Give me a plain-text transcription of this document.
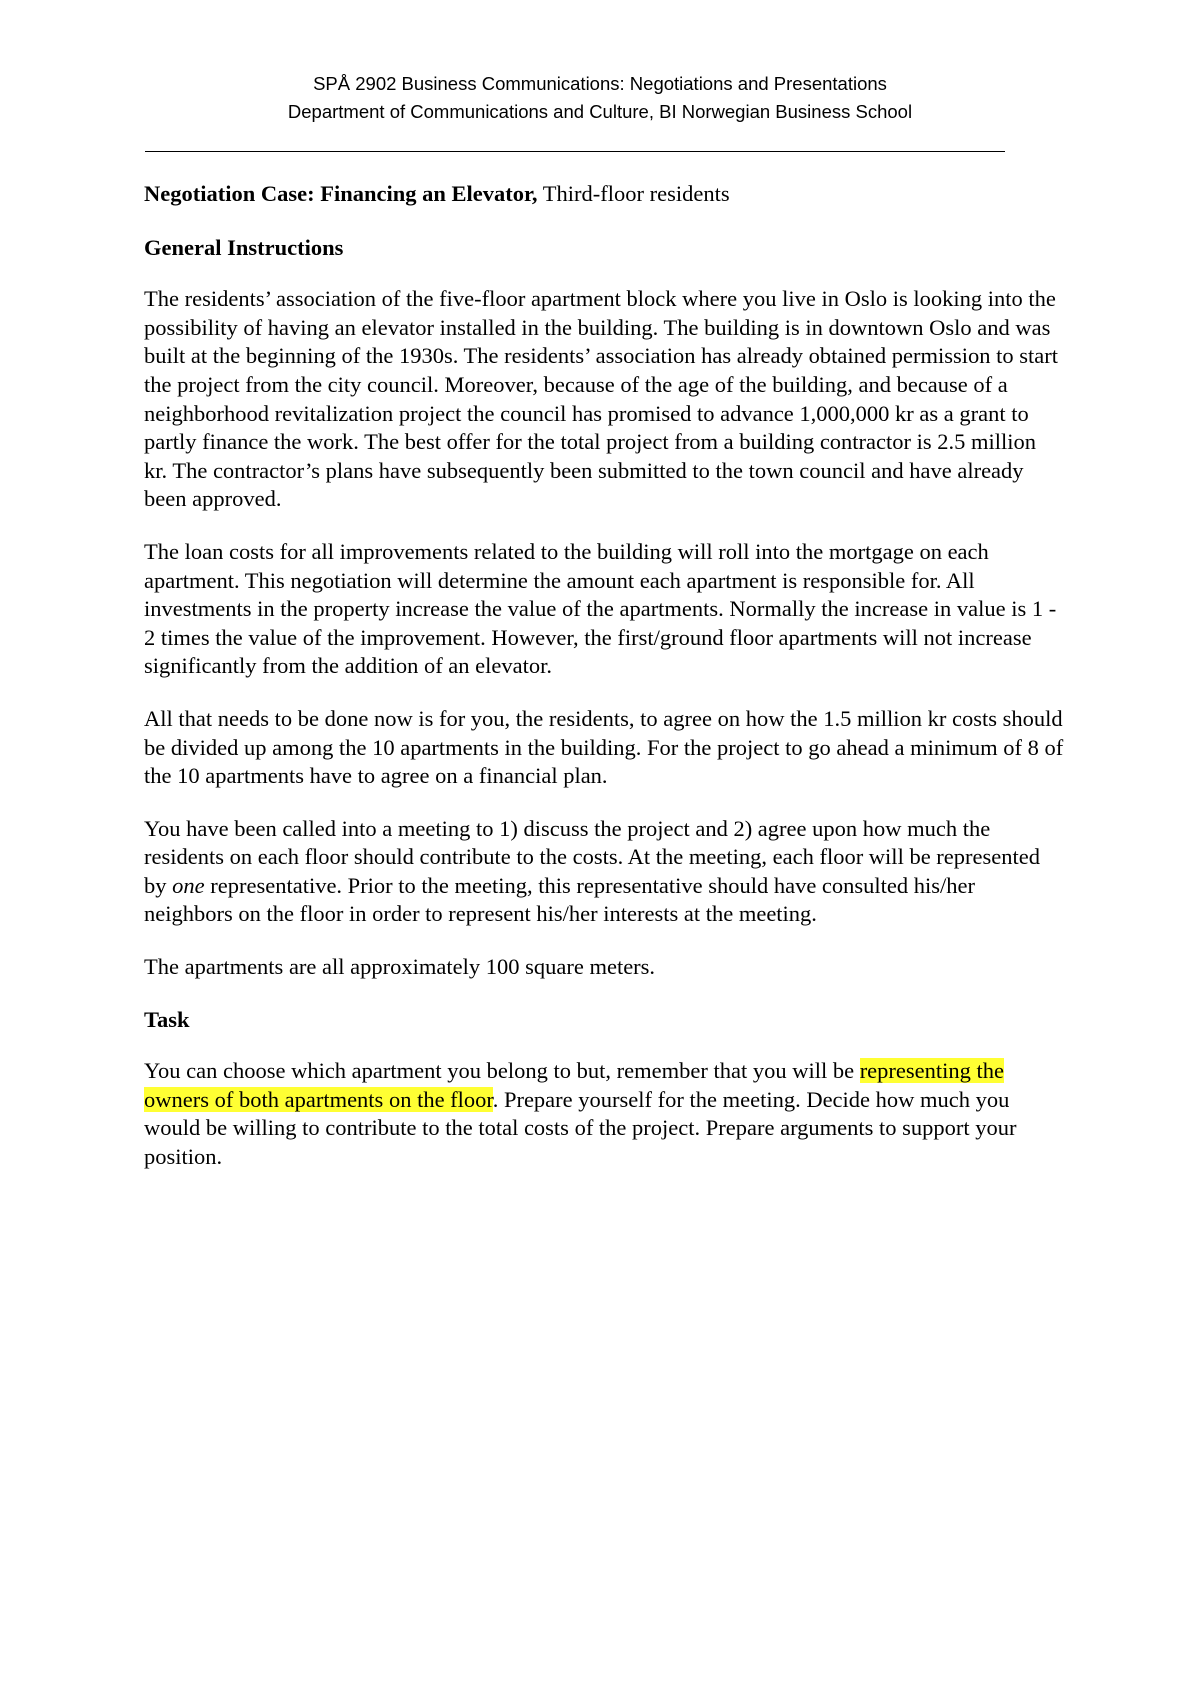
SPÅ 2902 Business Communications: Negotiations and Presentations
Department of Communications and Culture, BI Norwegian Business School

Negotiation Case: Financing an Elevator, Third-floor residents

General Instructions

The residents’ association of the five-floor apartment block where you live in Oslo is looking into the possibility of having an elevator installed in the building. The building is in downtown Oslo and was built at the beginning of the 1930s. The residents’ association has already obtained permission to start the project from the city council. Moreover, because of the age of the building, and because of a neighborhood revitalization project the council has promised to advance 1,000,000 kr as a grant to partly finance the work. The best offer for the total project from a building contractor is 2.5 million kr. The contractor’s plans have subsequently been submitted to the town council and have already been approved.

The loan costs for all improvements related to the building will roll into the mortgage on each apartment. This negotiation will determine the amount each apartment is responsible for. All investments in the property increase the value of the apartments. Normally the increase in value is 1 - 2 times the value of the improvement. However, the first/ground floor apartments will not increase significantly from the addition of an elevator.

All that needs to be done now is for you, the residents, to agree on how the 1.5 million kr costs should be divided up among the 10 apartments in the building. For the project to go ahead a minimum of 8 of the 10 apartments have to agree on a financial plan.

You have been called into a meeting to 1) discuss the project and 2) agree upon how much the residents on each floor should contribute to the costs. At the meeting, each floor will be represented by one representative. Prior to the meeting, this representative should have consulted his/her neighbors on the floor in order to represent his/her interests at the meeting.

The apartments are all approximately 100 square meters.

Task

You can choose which apartment you belong to but, remember that you will be representing the owners of both apartments on the floor. Prepare yourself for the meeting. Decide how much you would be willing to contribute to the total costs of the project. Prepare arguments to support your position.
